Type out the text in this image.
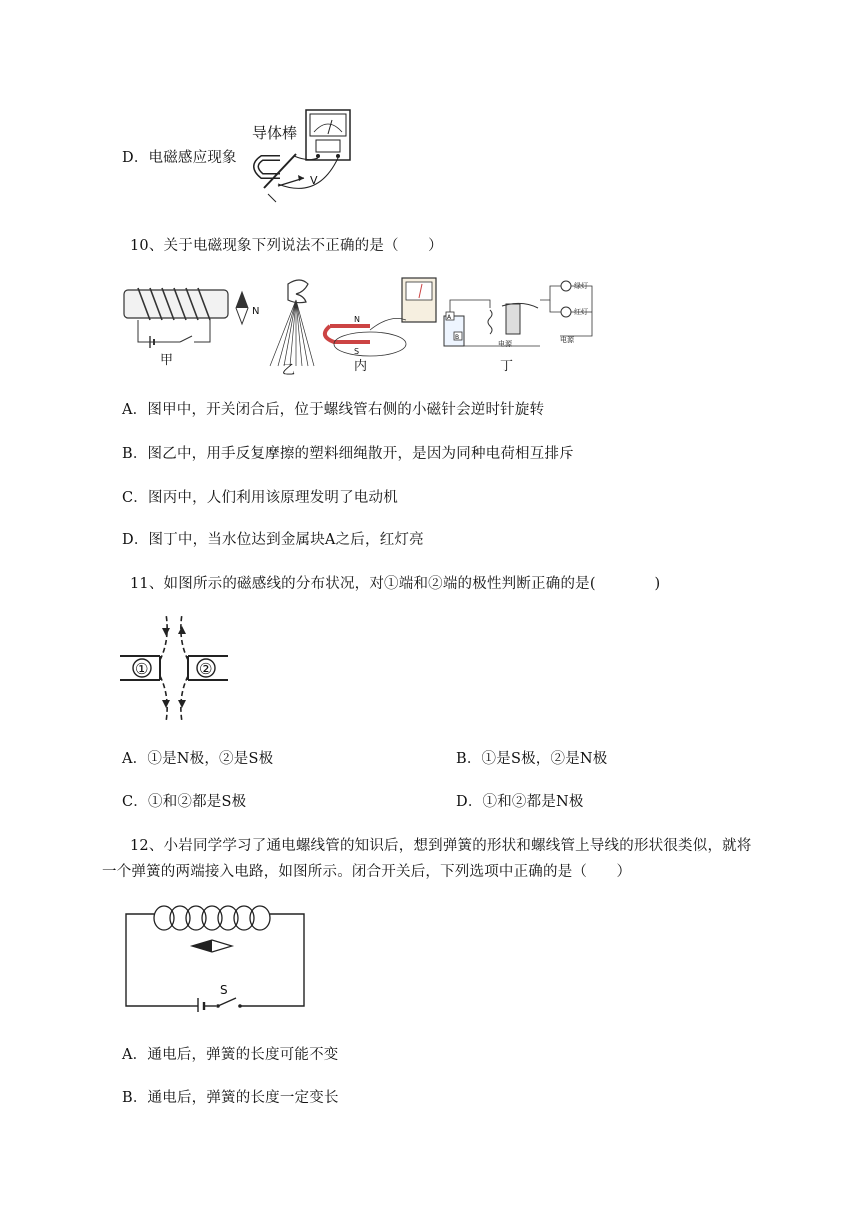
D．电磁感应现象
导体棒
V
10、关于电磁现象下列说法不正确的是（　　）
甲
N
乙
N
S
内
A
B
电源
绿灯
红灯
电源
丁
A．图甲中，开关闭合后，位于螺线管右侧的小磁针会逆时针旋转
B．图乙中，用手反复摩擦的塑料细绳散开，是因为同种电荷相互排斥
C．图丙中，人们利用该原理发明了电动机
D．图丁中，当水位达到金属块A之后，红灯亮
11、如图所示的磁感线的分布状况，对①端和②端的极性判断正确的是(　　　　)
①	②
A．①是N极，②是S极	B．①是S极，②是N极
C．①和②都是S极	D．①和②都是N极
12、小岩同学学习了通电螺线管的知识后，想到弹簧的形状和螺线管上导线的形状很类似，就将
一个弹簧的两端接入电路，如图所示。闭合开关后，下列选项中正确的是（　　）
S
A．通电后，弹簧的长度可能不变
B．通电后，弹簧的长度一定变长
